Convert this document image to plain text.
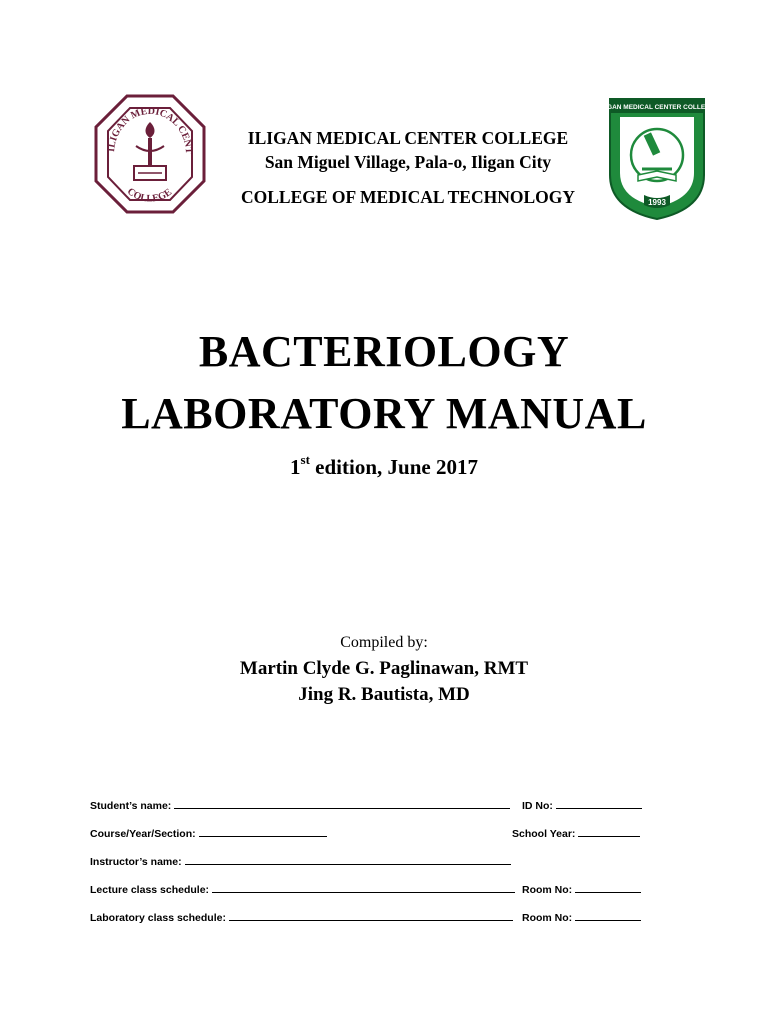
ILIGAN MEDICAL CENT
COLLEGE
ILIGAN MEDICAL CENTER COLLEGE
San Miguel Village, Pala-o, Iligan City
COLLEGE OF MEDICAL TECHNOLOGY
ILIGAN MEDICAL CENTER COLLEGE
1993
BACTERIOLOGY
LABORATORY MANUAL
1st edition, June 2017
Compiled by:
Martin Clyde G. Paglinawan, RMT
Jing R. Bautista, MD
Student’s name:	ID No:
Course/Year/Section:	School Year:
Instructor’s name:
Lecture class schedule:	Room No:
Laboratory class schedule:	Room No:
